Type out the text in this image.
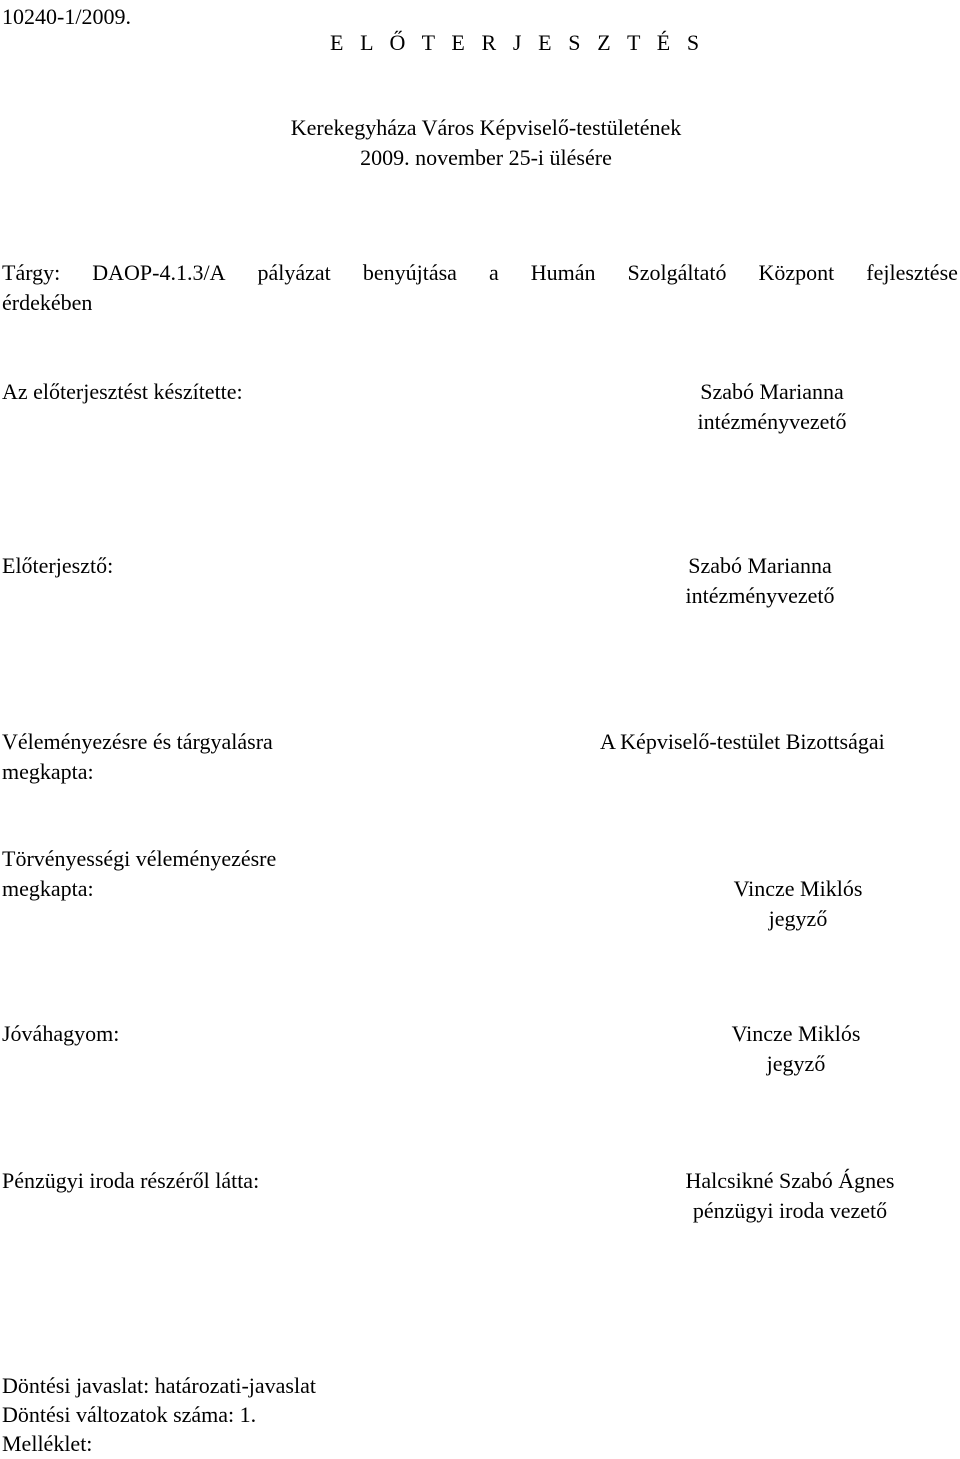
10240-1/2009.
E L Ő T E R J E S Z T É S
Kerekegyháza Város Képviselő-testületének
2009. november 25-i ülésére
Tárgy: DAOP-4.1.3/A pályázat benyújtása a Humán Szolgáltató Központ fejlesztése
érdekében
Az előterjesztést készítette:	Szabó Marianna
intézményvezető
Előterjesztő:	Szabó Marianna
intézményvezető
Véleményezésre és tárgyalásra
megkapta:
A Képviselő-testület Bizottságai
Törvényességi véleményezésre
megkapta:	Vincze Miklós
jegyző
Jóváhagyom:	Vincze Miklós
jegyző
Pénzügyi iroda részéről látta:	Halcsikné Szabó Ágnes
pénzügyi iroda vezető
Döntési javaslat: határozati-javaslat
Döntési változatok száma: 1.
Melléklet:
